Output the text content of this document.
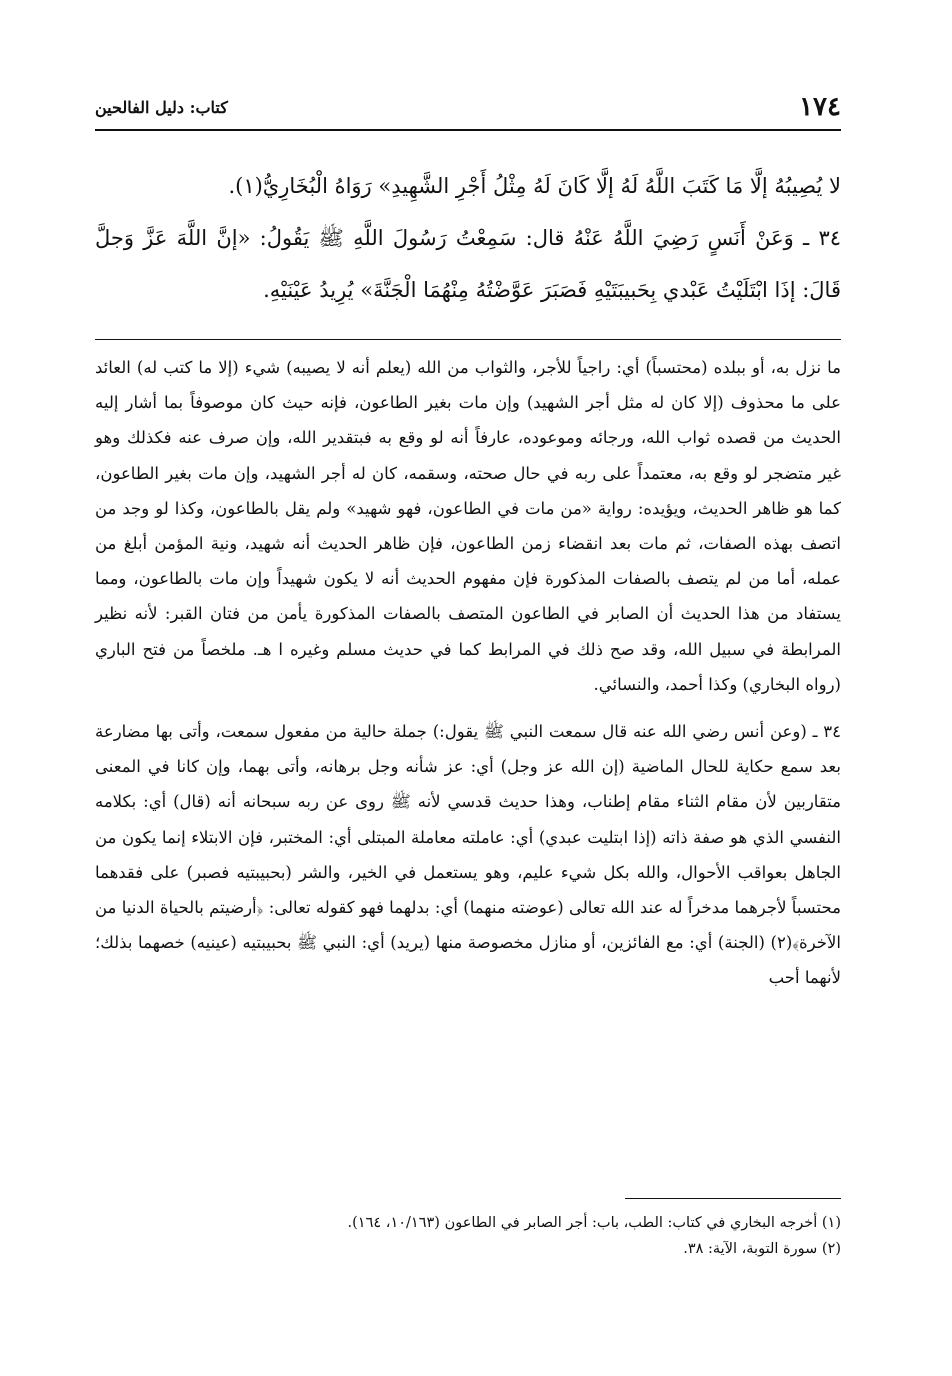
١٧٤
كتاب: دليل الفالحين

لا يُصِيبُهُ إلَّا مَا كَتَبَ اللَّهُ لَهُ إلَّا كَانَ لَهُ مِثْلُ أَجْرِ الشَّهِيدِ» رَوَاهُ الْبُخَارِيُّ(١).

٣٤ ـ وَعَنْ أَنَسٍ رَضِيَ اللَّهُ عَنْهُ قال: سَمِعْتُ رَسُولَ اللَّهِ ﷺ يَقُولُ: «إنَّ اللَّهَ عَزَّ وَجلَّ قَالَ: إذَا ابْتَلَيْتُ عَبْدي بِحَبيبَتَيْهِ فَصَبَرَ عَوَّضْتُهُ مِنْهُمَا الْجَنَّةَ» يُرِيدُ عَيْنَيْهِ.

ما نزل به، أو ببلده (محتسباً) أي: راجياً للأجر، والثواب من الله (يعلم أنه لا يصيبه) شيء (إلا ما كتب له) العائد على ما محذوف (إلا كان له مثل أجر الشهيد) وإن مات بغير الطاعون، فإنه حيث كان موصوفاً بما أشار إليه الحديث من قصده ثواب الله، ورجائه وموعوده، عارفاً أنه لو وقع به فبتقدير الله، وإن صرف عنه فكذلك وهو غير متضجر لو وقع به، معتمداً على ربه في حال صحته، وسقمه، كان له أجر الشهيد، وإن مات بغير الطاعون، كما هو ظاهر الحديث، ويؤيده: رواية «من مات في الطاعون، فهو شهيد» ولم يقل بالطاعون، وكذا لو وجد من اتصف بهذه الصفات، ثم مات بعد انقضاء زمن الطاعون، فإن ظاهر الحديث أنه شهيد، ونية المؤمن أبلغ من عمله، أما من لم يتصف بالصفات المذكورة فإن مفهوم الحديث أنه لا يكون شهيداً وإن مات بالطاعون، ومما يستفاد من هذا الحديث أن الصابر في الطاعون المتصف بالصفات المذكورة يأمن من فتان القبر: لأنه نظير المرابطة في سبيل الله، وقد صح ذلك في المرابط كما في حديث مسلم وغيره ا هـ. ملخصاً من فتح الباري (رواه البخاري) وكذا أحمد، والنسائي.

٣٤ ـ (وعن أنس رضي الله عنه قال سمعت النبي ﷺ يقول:) جملة حالية من مفعول سمعت، وأتى بها مضارعة بعد سمع حكاية للحال الماضية (إن الله عز وجل) أي: عز شأنه وجل برهانه، وأتى بهما، وإن كانا في المعنى متقاربين لأن مقام الثناء مقام إطناب، وهذا حديث قدسي لأنه ﷺ روى عن ربه سبحانه أنه (قال) أي: بكلامه النفسي الذي هو صفة ذاته (إذا ابتليت عبدي) أي: عاملته معاملة المبتلى أي: المختبر، فإن الابتلاء إنما يكون من الجاهل بعواقب الأحوال، والله بكل شيء عليم، وهو يستعمل في الخير، والشر (بحبيبتيه فصبر) على فقدهما محتسباً لأجرهما مدخراً له عند الله تعالى (عوضته منهما) أي: بدلهما فهو كقوله تعالى: ﴿أرضيتم بالحياة الدنيا من الآخرة﴾(٢) (الجنة) أي: مع الفائزين، أو منازل مخصوصة منها (يريد) أي: النبي ﷺ بحبيبتيه (عينيه) خصهما بذلك؛ لأنهما أحب

(١) أخرجه البخاري في كتاب: الطب، باب: أجر الصابر في الطاعون (١٠/١٦٣، ١٦٤).

(٢) سورة التوبة، الآية: ٣٨.
